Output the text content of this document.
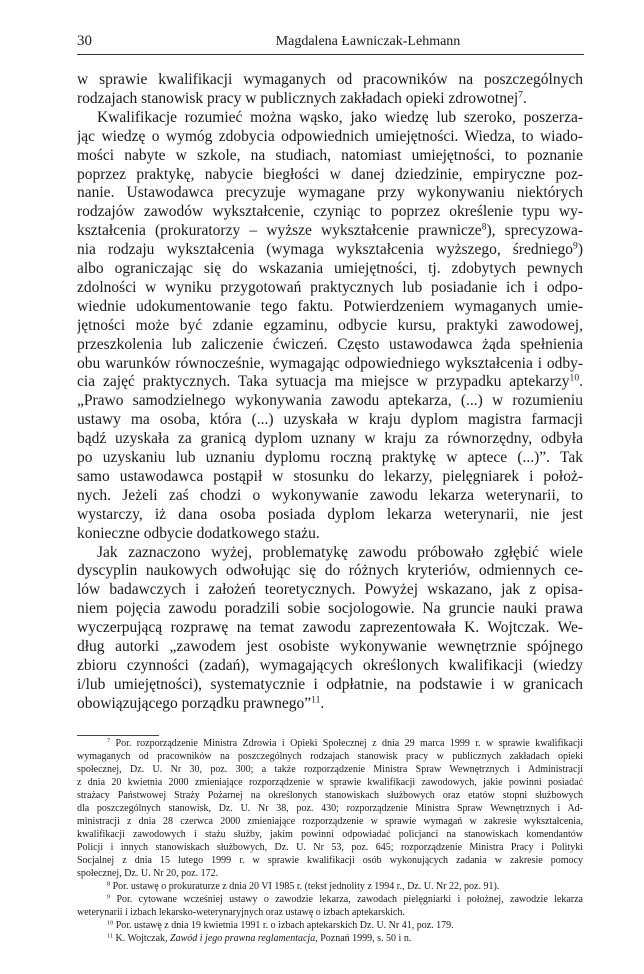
30	Magdalena Ławniczak-Lehmann
w sprawie kwalifikacji wymaganych od pracowników na poszczególnych
rodzajach stanowisk pracy w publicznych zakładach opieki zdrowotnej$^7$.
Kwalifikacje rozumieć można wąsko, jako wiedzę lub szeroko, poszerza-
jąc wiedzę o wymóg zdobycia odpowiednich umiejętności. Wiedza, to wiado-
mości nabyte w szkole, na studiach, natomiast umiejętności, to poznanie
poprzez praktykę, nabycie biegłości w danej dziedzinie, empiryczne poz-
nanie. Ustawodawca precyzuje wymagane przy wykonywaniu niektórych
rodzajów zawodów wykształcenie, czyniąc to poprzez określenie typu wy-
kształcenia (prokuratorzy – wyższe wykształcenie prawnicze$^8$), sprecyzowa-
nia rodzaju wykształcenia (wymaga wykształcenia wyższego, średniego$^9$)
albo ograniczając się do wskazania umiejętności, tj. zdobytych pewnych
zdolności w wyniku przygotowań praktycznych lub posiadanie ich i odpo-
wiednie udokumentowanie tego faktu. Potwierdzeniem wymaganych umie-
jętności może być zdanie egzaminu, odbycie kursu, praktyki zawodowej,
przeszkolenia lub zaliczenie ćwiczeń. Często ustawodawca żąda spełnienia
obu warunków równocześnie, wymagając odpowiedniego wykształcenia i odby-
cia zajęć praktycznych. Taka sytuacja ma miejsce w przypadku aptekarzy$^{10}$.
„Prawo samodzielnego wykonywania zawodu aptekarza, (...) w rozumieniu
ustawy ma osoba, która (...) uzyskała w kraju dyplom magistra farmacji
bądź uzyskała za granicą dyplom uznany w kraju za równorzędny, odbyła
po uzyskaniu lub uznaniu dyplomu roczną praktykę w aptece (...)”. Tak
samo ustawodawca postąpił w stosunku do lekarzy, pielęgniarek i położ-
nych. Jeżeli zaś chodzi o wykonywanie zawodu lekarza weterynarii, to
wystarczy, iż dana osoba posiada dyplom lekarza weterynarii, nie jest
konieczne odbycie dodatkowego stażu.
Jak zaznaczono wyżej, problematykę zawodu próbowało zgłębić wiele
dyscyplin naukowych odwołując się do różnych kryteriów, odmiennych ce-
lów badawczych i założeń teoretycznych. Powyżej wskazano, jak z opisa-
niem pojęcia zawodu poradzili sobie socjologowie. Na gruncie nauki prawa
wyczerpującą rozprawę na temat zawodu zaprezentowała K. Wojtczak. We-
dług autorki „zawodem jest osobiste wykonywanie wewnętrznie spójnego
zbioru czynności (zadań), wymagających określonych kwalifikacji (wiedzy
i/lub umiejętności), systematycznie i odpłatnie, na podstawie i w granicach
obowiązującego porządku prawnego”$^{11}$.
$^7$ Por. rozporządzenie Ministra Zdrowia i Opieki Społecznej z dnia 29 marca 1999 r. w sprawie kwalifikacji
wymaganych od pracowników na poszczególnych rodzajach stanowisk pracy w publicznych zakładach opieki
społecznej, Dz. U. Nr 30, poz. 300; a także rozporządzenie Ministra Spraw Wewnętrznych i Administracji
z dnia 20 kwietnia 2000 zmieniające rozporządzenie w sprawie kwalifikacji zawodowych, jakie powinni posiadać
strażacy Państwowej Straży Pożarnej na określonych stanowiskach służbowych oraz etatów stopni służbowych
dla poszczególnych stanowisk, Dz. U. Nr 38, poz. 430; rozporządzenie Ministra Spraw Wewnętrznych i Ad-
ministracji z dnia 28 czerwca 2000 zmieniające rozporządzenie w sprawie wymagań w zakresie wykształcenia,
kwalifikacji zawodowych i stażu służby, jakim powinni odpowiadać policjanci na stanowiskach komendantów
Policji i innych stanowiskach służbowych, Dz. U. Nr 53, poz. 645; rozporządzenie Ministra Pracy i Polityki
Socjalnej z dnia 15 lutego 1999 r. w sprawie kwalifikacji osób wykonujących zadania w zakresie pomocy
społecznej, Dz. U. Nr 20, poz. 172.
$^8$ Por. ustawę o prokuraturze z dnia 20 VI 1985 r. (tekst jednolity z 1994 r., Dz. U. Nr 22, poz. 91).
$^9$ Por. cytowane wcześniej ustawy o zawodzie lekarza, zawodach pielęgniarki i położnej, zawodzie lekarza
weterynarii i izbach lekarsko-weterynaryjnych oraz ustawę o izbach aptekarskich.
$^{10}$ Por. ustawę z dnia 19 kwietnia 1991 r. o izbach aptekarskich Dz. U. Nr 41, poz. 179.
$^{11}$ K. Wojtczak, Zawód i jego prawna reglamentacja, Poznań 1999, s. 50 i n.
